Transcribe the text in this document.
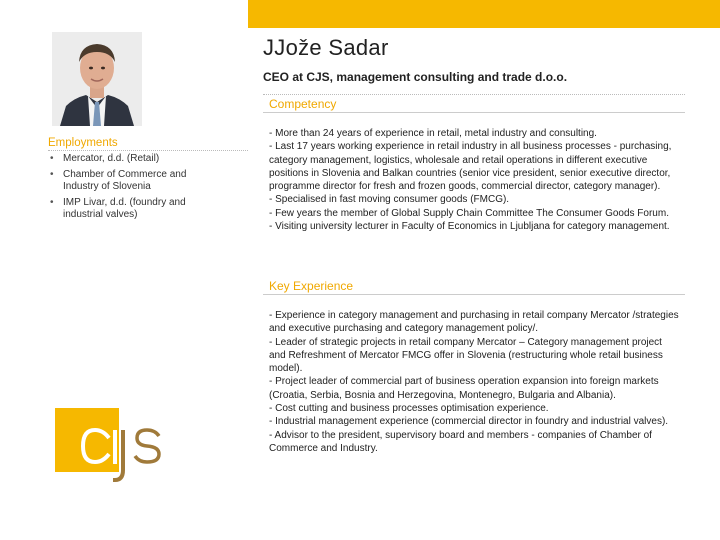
JJože Sadar
CEO at CJS, management consulting and trade d.o.o.
Competency
- More than 24 years of experience in retail, metal industry and consulting.
- Last 17 years working experience in retail industry in all business processes - purchasing, category management, logistics, wholesale and retail operations in different executive positions in Slovenia and Balkan countries (senior vice president, senior executive director, programme director for fresh and frozen goods, commercial director, category manager).
- Specialised in fast moving consumer goods (FMCG).
- Few years the member of Global Supply Chain Committee The Consumer Goods Forum.
- Visiting university lecturer in Faculty of Economics in Ljubljana for category management.
Employments
• Mercator, d.d. (Retail)
• Chamber of Commerce and Industry of Slovenia
• IMP Livar, d.d. (foundry and industrial valves)
Key Experience
- Experience in category management and purchasing in retail company Mercator /strategies and executive purchasing and category management policy/.
- Leader of strategic projects in retail company Mercator – Category management project and Refreshment of Mercator FMCG offer in Slovenia (restructuring whole retail business model).
- Project leader of commercial part of business operation expansion into foreign markets (Croatia, Serbia, Bosnia and Herzegovina, Montenegro, Bulgaria and Albania).
- Cost cutting and business processes optimisation experience.
- Industrial management experience (commercial director in foundry and industrial valves).
- Advisor to the president, supervisory board and members - companies of Chamber of Commerce and Industry.
